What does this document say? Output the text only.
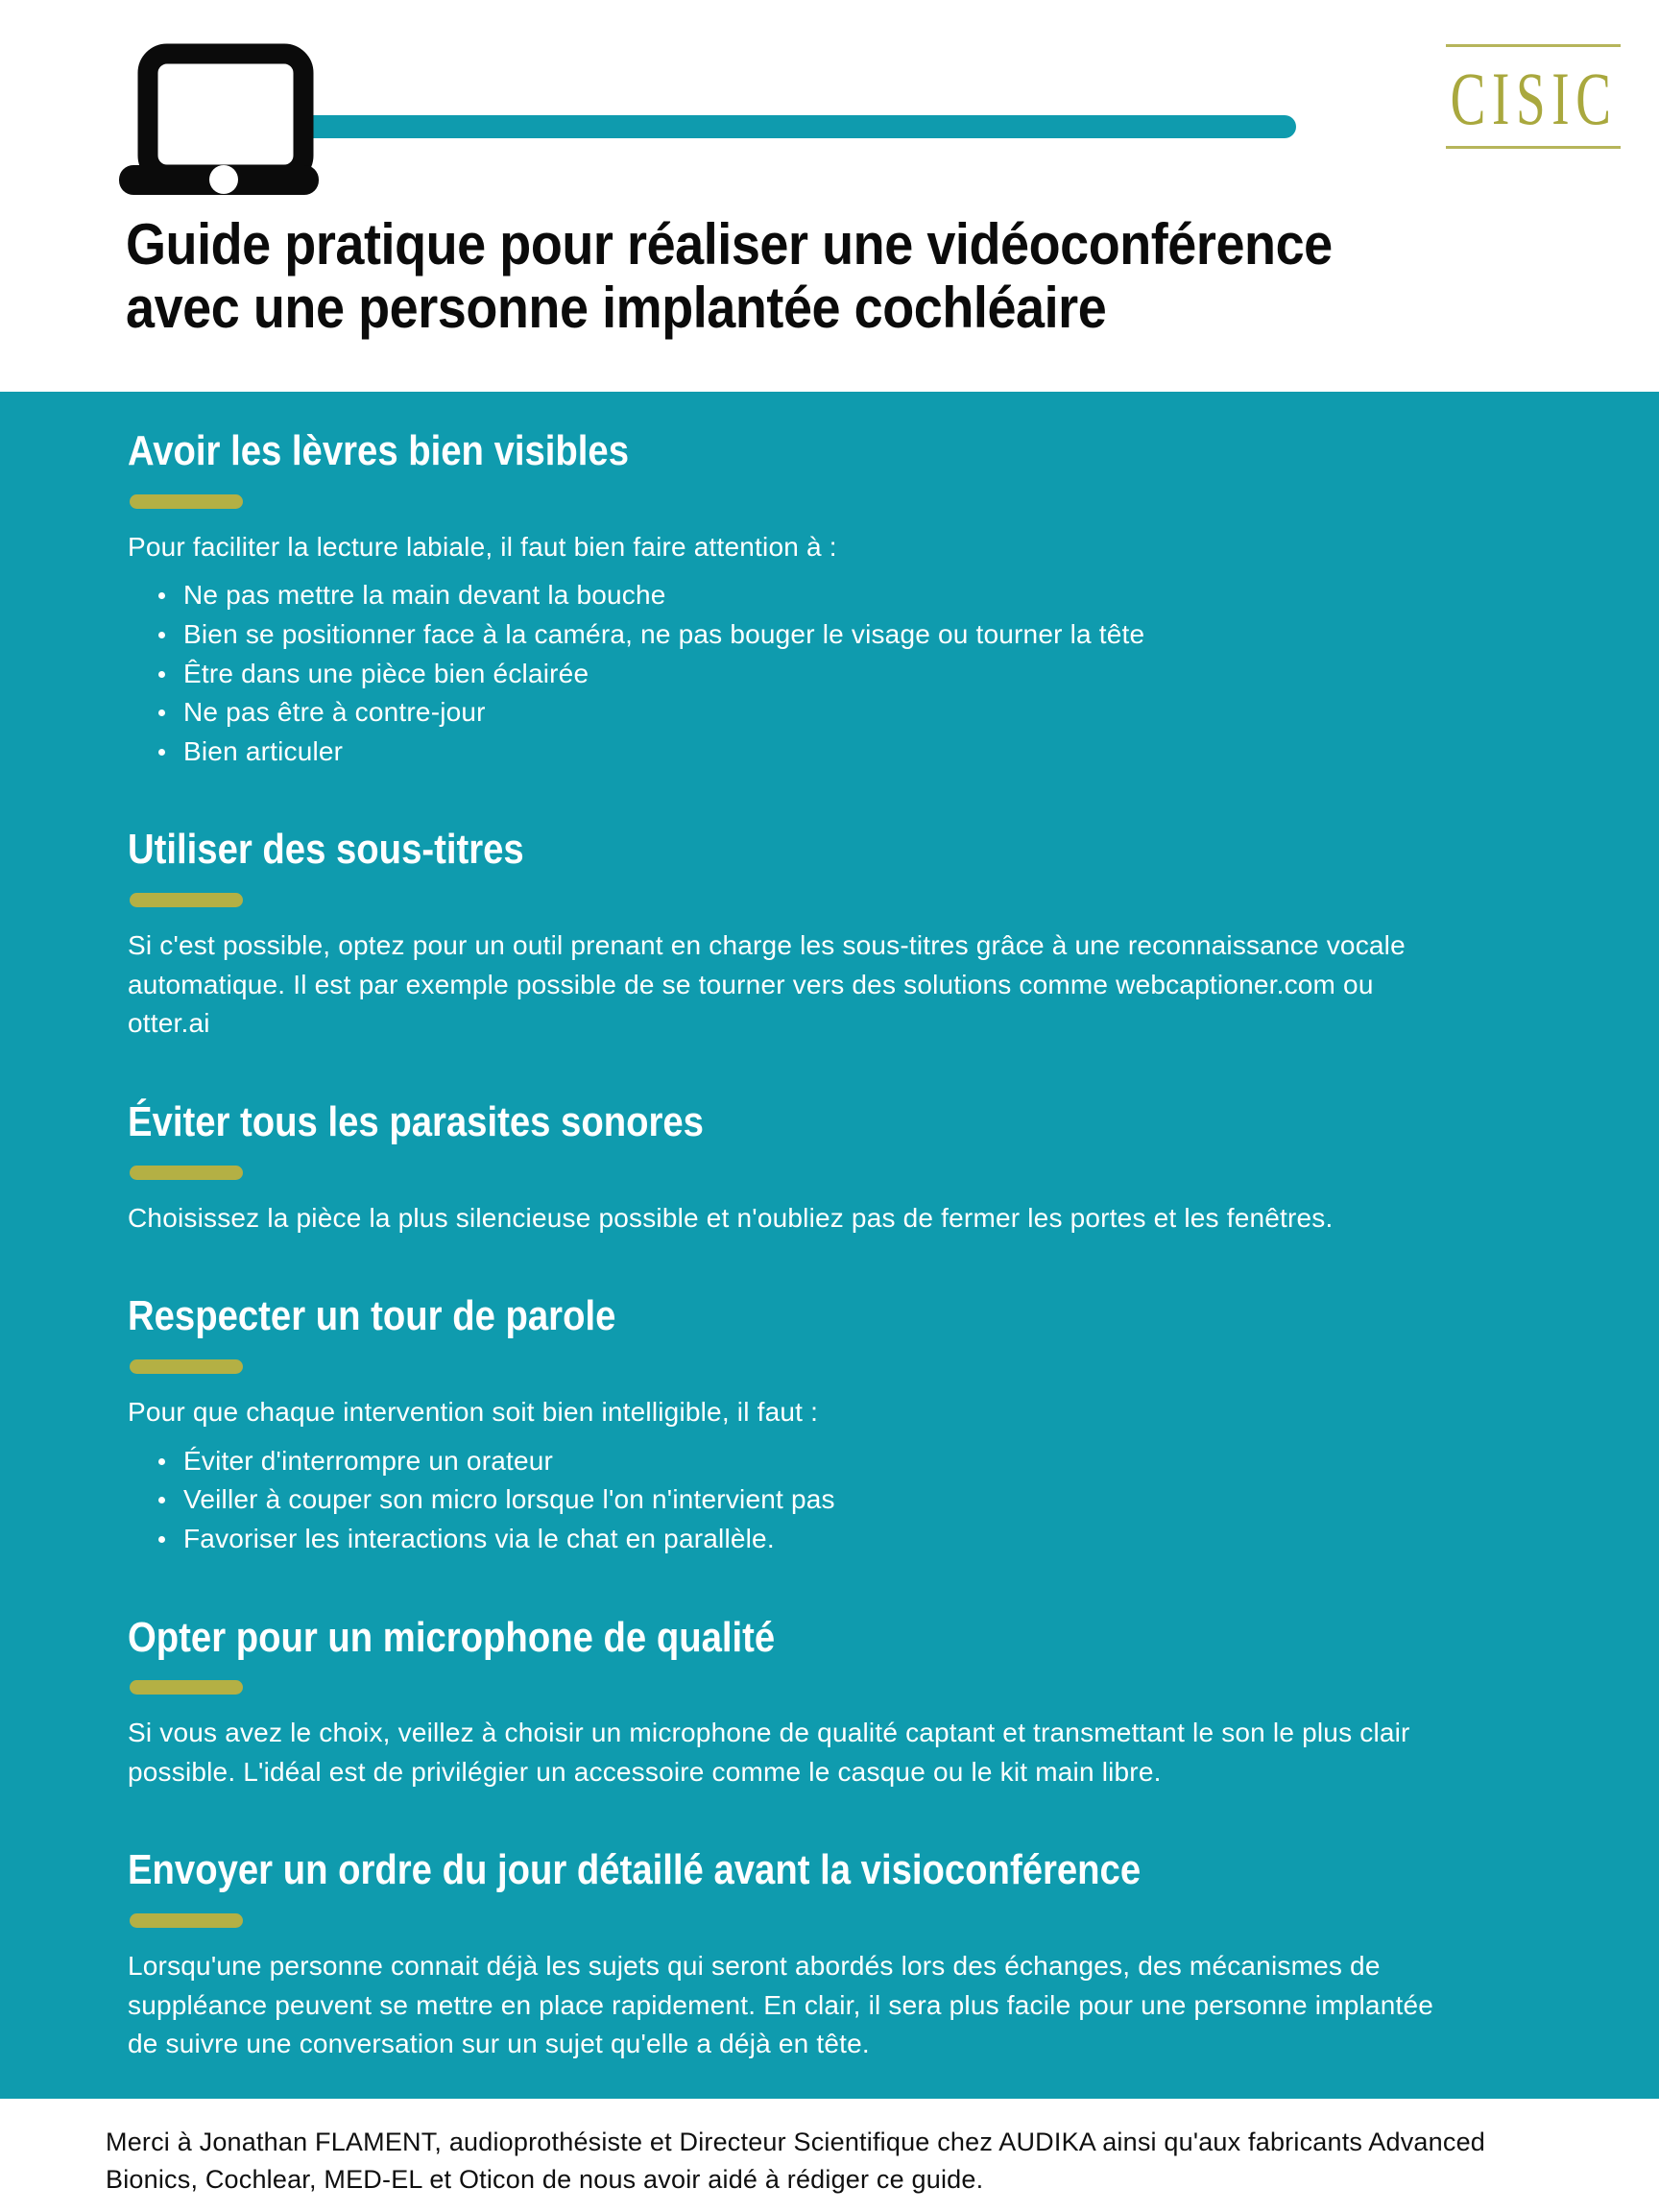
CISIC
Guide pratique pour réaliser une vidéoconférence
avec une personne implantée cochléaire
Avoir les lèvres bien visibles

Pour faciliter la lecture labiale, il faut bien faire attention à :

Ne pas mettre la main devant la bouche
Bien se positionner face à la caméra, ne pas bouger le visage ou tourner la tête
Être dans une pièce bien éclairée
Ne pas être à contre-jour
Bien articuler
Utiliser des sous-titres

Si c'est possible, optez pour un outil prenant en charge les sous-titres grâce à une reconnaissance vocale automatique. Il est par exemple possible de se tourner vers des solutions comme webcaptioner.com ou otter.ai

Éviter tous les parasites sonores

Choisissez la pièce la plus silencieuse possible et n'oubliez pas de fermer les portes et les fenêtres.

Respecter un tour de parole

Pour que chaque intervention soit bien intelligible, il faut :

Éviter d'interrompre un orateur
Veiller à couper son micro lorsque l'on n'intervient pas
Favoriser les interactions via le chat en parallèle.
Opter pour un microphone de qualité

Si vous avez le choix, veillez à choisir un microphone de qualité captant et transmettant le son le plus clair possible. L'idéal est de privilégier un accessoire comme le casque ou le kit main libre.

Envoyer un ordre du jour détaillé avant la visioconférence

Lorsqu'une personne connait déjà les sujets qui seront abordés lors des échanges, des mécanismes de suppléance peuvent se mettre en place rapidement. En clair, il sera plus facile pour une personne implantée de suivre une conversation sur un sujet qu'elle a déjà en tête.

Merci à Jonathan FLAMENT, audioprothésiste et Directeur Scientifique chez AUDIKA ainsi qu'aux fabricants Advanced Bionics, Cochlear, MED-EL et Oticon de nous avoir aidé à rédiger ce guide.
